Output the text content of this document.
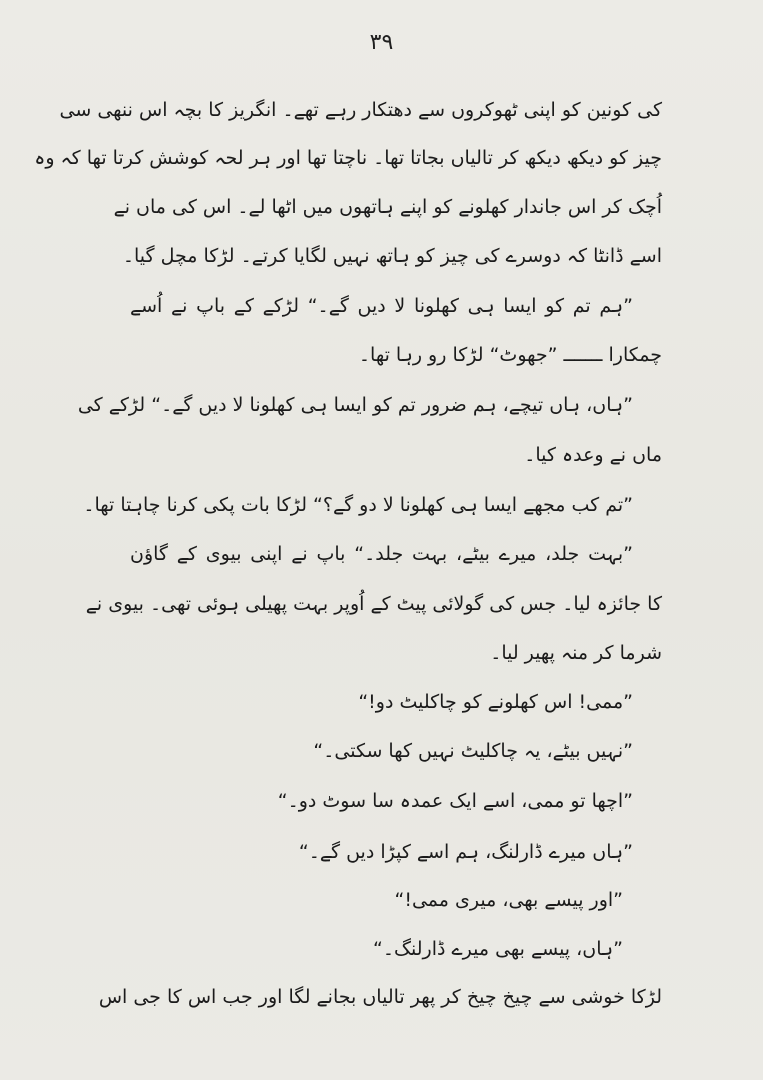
۳۹
کی کونین کو اپنی ٹھوکروں سے دھتکار رہے تھے۔ انگریز کا بچہ اس ننھی سی
چیز کو دیکھ دیکھ کر تالیاں بجاتا تھا۔ ناچتا تھا اور ہر لحہ کوشش کرتا تھا کہ وہ
اُچک کر اس جاندار کھلونے کو اپنے ہاتھوں میں اٹھا لے۔ اس کی ماں نے
اسے ڈانٹا کہ دوسرے کی چیز کو ہاتھ نہیں لگایا کرتے۔ لڑکا مچل گیا۔
”ہم تم کو ایسا ہی کھلونا لا دیں گے۔“ لڑکے کے باپ نے اُسے
چمکارا ـــــــ ”جھوٹ“ لڑکا رو رہا تھا۔
”ہاں، ہاں تیچے، ہم ضرور تم کو ایسا ہی کھلونا لا دیں گے۔“ لڑکے کی
ماں نے وعدہ کیا۔
”تم کب مجھے ایسا ہی کھلونا لا دو گے؟“ لڑکا بات پکی کرنا چاہتا تھا۔
”بہت جلد، میرے بیٹے، بہت جلد۔“ باپ نے اپنی بیوی کے گاؤن
کا جائزہ لیا۔ جس کی گولائی پیٹ کے اُوپر بہت پھیلی ہوئی تھی۔ بیوی نے
شرما کر منہ پھیر لیا۔
”ممی! اس کھلونے کو چاکلیٹ دو!“
”نہیں بیٹے، یہ چاکلیٹ نہیں کھا سکتی۔“
”اچھا تو ممی، اسے ایک عمدہ سا سوٹ دو۔“
”ہاں میرے ڈارلنگ، ہم اسے کپڑا دیں گے۔“
”اور پیسے بھی، میری ممی!“
”ہاں، پیسے بھی میرے ڈارلنگ۔“
لڑکا خوشی سے چیخ چیخ کر پھر تالیاں بجانے لگا اور جب اس کا جی اس
